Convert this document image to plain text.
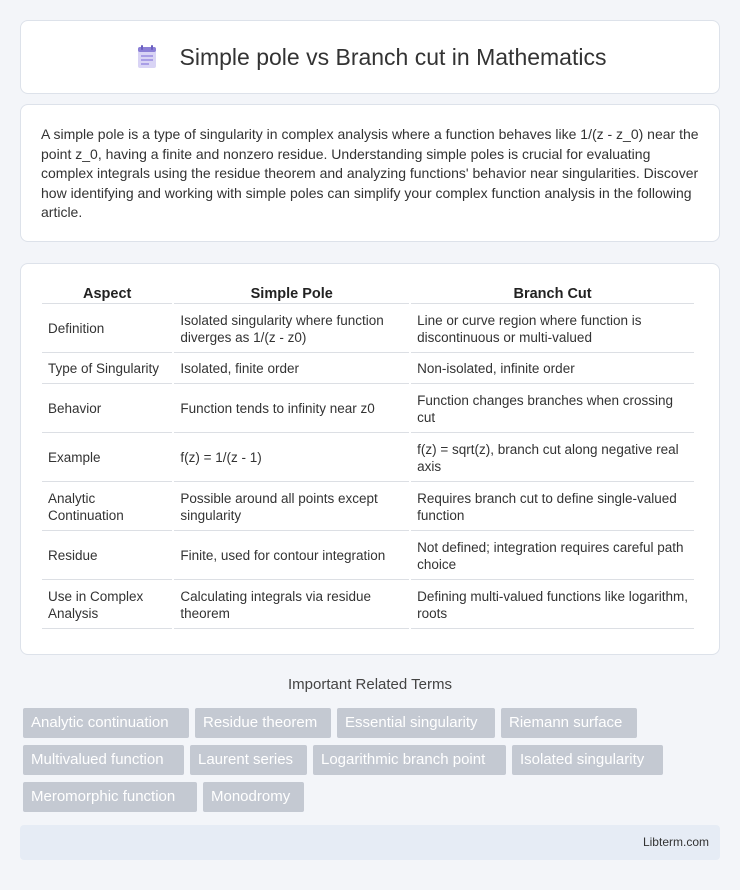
Simple pole vs Branch cut in Mathematics

A simple pole is a type of singularity in complex analysis where a function behaves like 1/(z - z_0) near the point z_0, having a finite and nonzero residue. Understanding simple poles is crucial for evaluating complex integrals using the residue theorem and analyzing functions' behavior near singularities. Discover how identifying and working with simple poles can simplify your complex function analysis in the following article.

Aspect	Simple Pole	Branch Cut
Definition	Isolated singularity where function diverges as 1/(z - z0)	Line or curve region where function is discontinuous or multi-valued
Type of Singularity	Isolated, finite order	Non-isolated, infinite order
Behavior	Function tends to infinity near z0	Function changes branches when crossing cut
Example	f(z) = 1/(z - 1)	f(z) = sqrt(z), branch cut along negative real axis
Analytic Continuation	Possible around all points except singularity	Requires branch cut to define single-valued function
Residue	Finite, used for contour integration	Not defined; integration requires careful path choice
Use in Complex Analysis	Calculating integrals via residue theorem	Defining multi-valued functions like logarithm, roots
Important Related Terms
Analytic continuation	Residue theorem	Essential singularity	Riemann surface
Multivalued function	Laurent series	Logarithmic branch point	Isolated singularity
Meromorphic function	Monodromy
Libterm.com
